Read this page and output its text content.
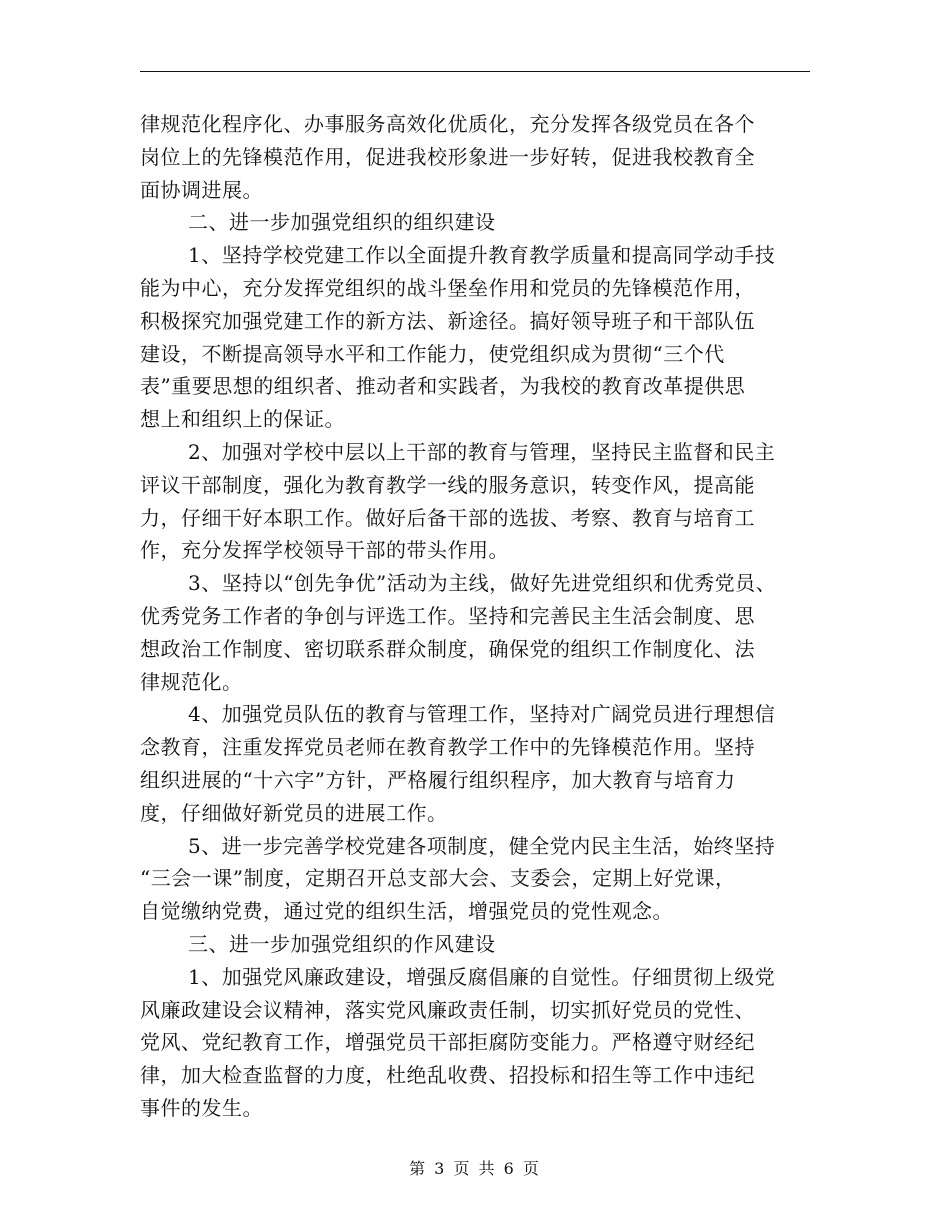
律规范化程序化、办事服务高效化优质化，充分发挥各级党员在各个
岗位上的先锋模范作用，促进我校形象进一步好转，促进我校教育全
面协调进展。
二、进一步加强党组织的组织建设
1、坚持学校党建工作以全面提升教育教学质量和提高同学动手技
能为中心，充分发挥党组织的战斗堡垒作用和党员的先锋模范作用，
积极探究加强党建工作的新方法、新途径。搞好领导班子和干部队伍
建设，不断提高领导水平和工作能力，使党组织成为贯彻“三个代
表”重要思想的组织者、推动者和实践者，为我校的教育改革提供思
想上和组织上的保证。
2、加强对学校中层以上干部的教育与管理，坚持民主监督和民主
评议干部制度，强化为教育教学一线的服务意识，转变作风，提高能
力，仔细干好本职工作。做好后备干部的选拔、考察、教育与培育工
作，充分发挥学校领导干部的带头作用。
3、坚持以“创先争优”活动为主线，做好先进党组织和优秀党员、
优秀党务工作者的争创与评选工作。坚持和完善民主生活会制度、思
想政治工作制度、密切联系群众制度，确保党的组织工作制度化、法
律规范化。
4、加强党员队伍的教育与管理工作，坚持对广阔党员进行理想信
念教育，注重发挥党员老师在教育教学工作中的先锋模范作用。坚持
组织进展的“十六字”方针，严格履行组织程序，加大教育与培育力
度，仔细做好新党员的进展工作。
5、进一步完善学校党建各项制度，健全党内民主生活，始终坚持
“三会一课”制度，定期召开总支部大会、支委会，定期上好党课，
自觉缴纳党费，通过党的组织生活，增强党员的党性观念。
三、进一步加强党组织的作风建设
1、加强党风廉政建设，增强反腐倡廉的自觉性。仔细贯彻上级党
风廉政建设会议精神，落实党风廉政责任制，切实抓好党员的党性、
党风、党纪教育工作，增强党员干部拒腐防变能力。严格遵守财经纪
律，加大检查监督的力度，杜绝乱收费、招投标和招生等工作中违纪
事件的发生。
第 3 页 共 6 页
